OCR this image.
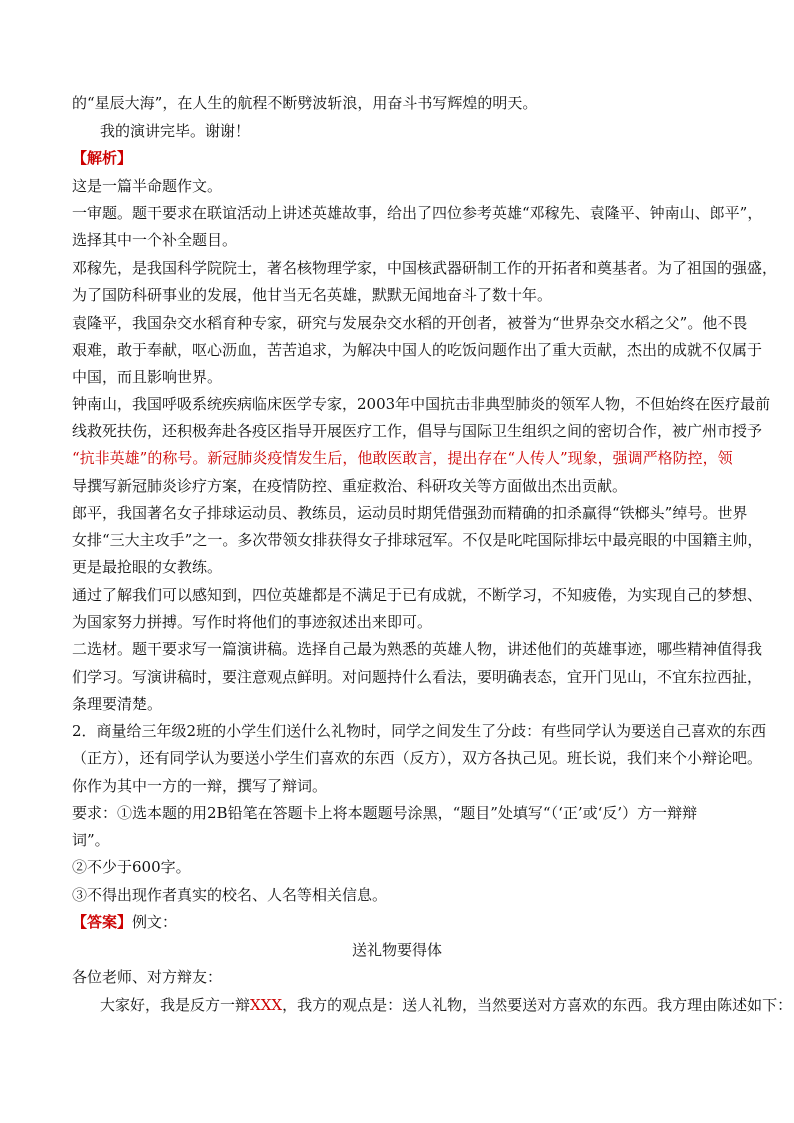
的“星辰大海”，在人生的航程不断劈波斩浪，用奋斗书写辉煌的明天。
我的演讲完毕。谢谢！
【解析】
这是一篇半命题作文。
一审题。题干要求在联谊活动上讲述英雄故事，给出了四位参考英雄“邓稼先、袁隆平、钟南山、郎平”，
选择其中一个补全题目。
邓稼先，是我国科学院院士，著名核物理学家，中国核武器研制工作的开拓者和奠基者。为了祖国的强盛，
为了国防科研事业的发展，他甘当无名英雄，默默无闻地奋斗了数十年。
袁隆平，我国杂交水稻育种专家，研究与发展杂交水稻的开创者，被誉为“世界杂交水稻之父”。他不畏
艰难，敢于奉献，呕心沥血，苦苦追求，为解决中国人的吃饭问题作出了重大贡献，杰出的成就不仅属于
中国，而且影响世界。
钟南山，我国呼吸系统疾病临床医学专家，2003年中国抗击非典型肺炎的领军人物，不但始终在医疗最前
线救死扶伤，还积极奔赴各疫区指导开展医疗工作，倡导与国际卫生组织之间的密切合作，被广州市授予
“抗非英雄”的称号。新冠肺炎疫情发生后，他敢医敢言，提出存在“人传人”现象，强调严格防控，领
导撰写新冠肺炎诊疗方案，在疫情防控、重症救治、科研攻关等方面做出杰出贡献。
郎平，我国著名女子排球运动员、教练员，运动员时期凭借强劲而精确的扣杀赢得“铁榔头”绰号。世界
女排“三大主攻手”之一。多次带领女排获得女子排球冠军。不仅是叱咤国际排坛中最亮眼的中国籍主帅，
更是最抢眼的女教练。
通过了解我们可以感知到，四位英雄都是不满足于已有成就，不断学习，不知疲倦，为实现自己的梦想、
为国家努力拼搏。写作时将他们的事迹叙述出来即可。
二选材。题干要求写一篇演讲稿。选择自己最为熟悉的英雄人物，讲述他们的英雄事迹，哪些精神值得我
们学习。写演讲稿时，要注意观点鲜明。对问题持什么看法，要明确表态，宜开门见山，不宜东拉西扯，
条理要清楚。
2．商量给三年级2班的小学生们送什么礼物时，同学之间发生了分歧：有些同学认为要送自己喜欢的东西
（正方），还有同学认为要送小学生们喜欢的东西（反方），双方各执己见。班长说，我们来个小辩论吧。
你作为其中一方的一辩，撰写了辩词。
要求：①选本题的用2B铅笔在答题卡上将本题题号涂黑，“题目”处填写“（‘正’或‘反’）方一辩辩
词”。
②不少于600字。
③不得出现作者真实的校名、人名等相关信息。
【答案】例文：
送礼物要得体
各位老师、对方辩友：
大家好，我是反方一辩XXX，我方的观点是：送人礼物，当然要送对方喜欢的东西。我方理由陈述如下：
